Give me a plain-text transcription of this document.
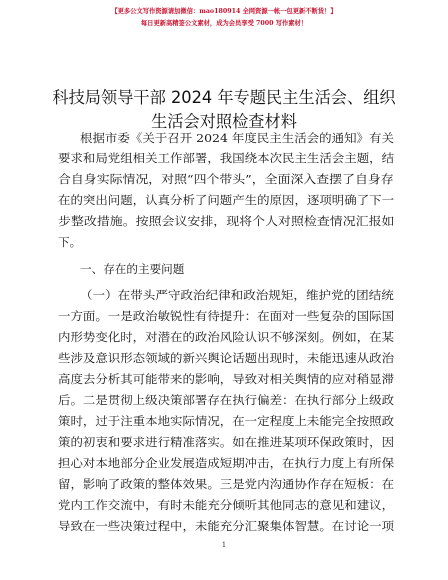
【更多公文写作资源请加微信：mao180914 全网资源一帐一包更新不断货！】
每日更新高精签公文素材，成为会员享受 7000 写作素材！
科技局领导干部 2024 年专题民主生活会、组织
生活会对照检查材料
根据市委《关于召开 2024 年度民主生活会的通知》有关
要求和局党组相关工作部署，我国绕本次民主生活会主题，结
合自身实际情况，对照“四个带头”，全面深入查摆了自身存
在的突出问题，认真分析了问题产生的原因，逐项明确了下一
步整改措施。按照会议安排，现将个人对照检查情况汇报如
下。
一、存在的主要问题
（一）在带头严守政治纪律和政治规矩，维护党的团结统
一方面。一是政治敏锐性有待提升：在面对一些复杂的国际国
内形势变化时，对潜在的政治风险认识不够深刻。例如，在某
些涉及意识形态领域的新兴舆论话题出现时，未能迅速从政治
高度去分析其可能带来的影响，导致对相关舆情的应对稍显滞
后。二是贯彻上级决策部署存在执行偏差：在执行部分上级政
策时，过于注重本地实际情况，在一定程度上未能完全按照政
策的初衷和要求进行精准落实。如在推进某项环保政策时，因
担心对本地部分企业发展造成短期冲击，在执行力度上有所保
留，影响了政策的整体效果。三是党内沟通协作存在短板：在
党内工作交流中，有时未能充分倾听其他同志的意见和建议，
导致在一些决策过程中，未能充分汇聚集体智慧。在讨论一项
1
